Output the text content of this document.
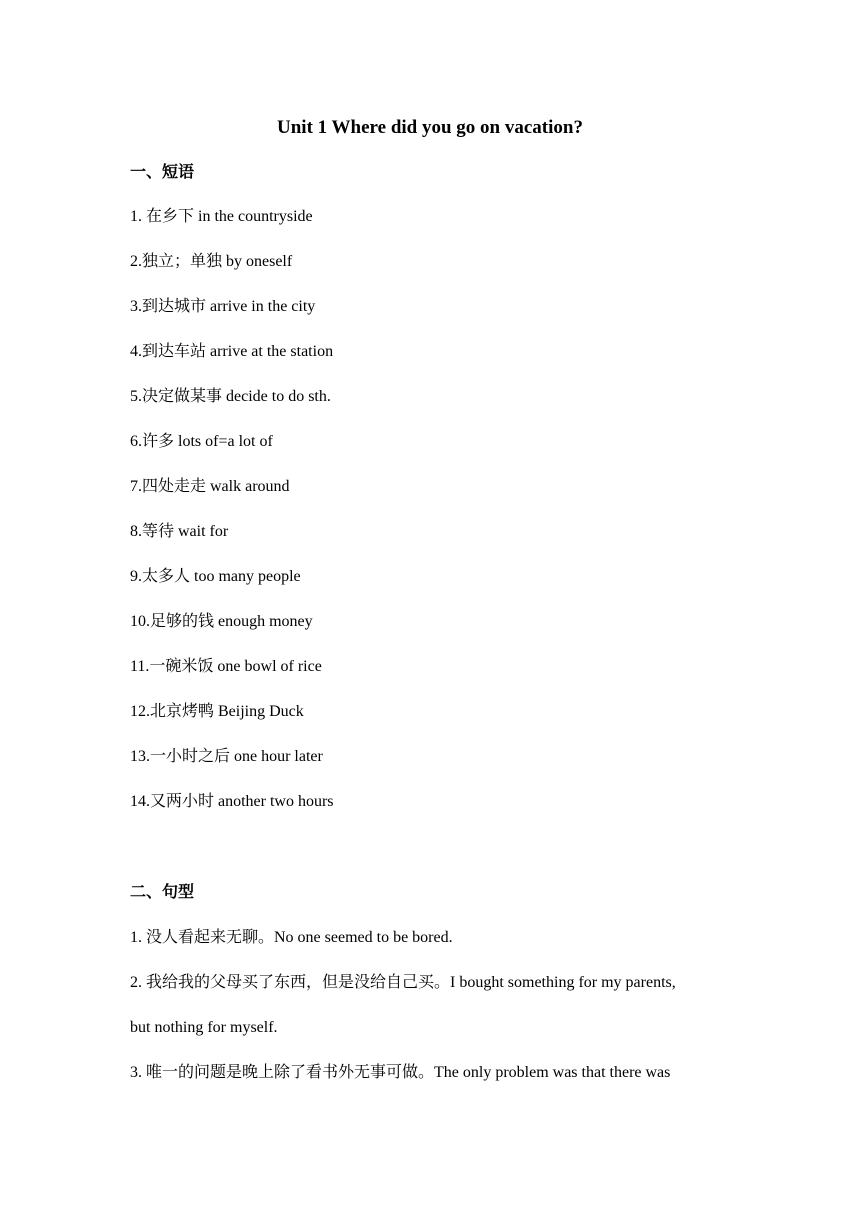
Unit 1 Where did you go on vacation?
一、短语
1. 在乡下 in the countryside
2.独立；单独 by oneself
3.到达城市 arrive in the city
4.到达车站 arrive at the station
5.决定做某事 decide to do sth.
6.许多 lots of=a lot of
7.四处走走 walk around
8.等待 wait for
9.太多人 too many people
10.足够的钱 enough money
11.一碗米饭 one bowl of rice
12.北京烤鸭 Beijing Duck
13.一小时之后 one hour later
14.又两小时 another two hours
二、句型
1. 没人看起来无聊。No one seemed to be bored.
2. 我给我的父母买了东西，但是没给自己买。I bought something for my parents,
but nothing for myself.
3. 唯一的问题是晚上除了看书外无事可做。The only problem was that there was
